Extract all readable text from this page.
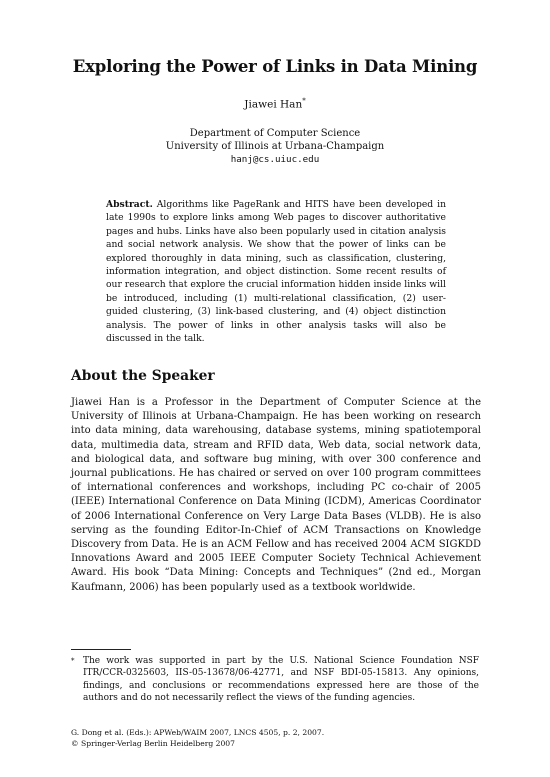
Exploring the Power of Links in Data Mining
Jiawei Han*
Department of Computer Science
University of Illinois at Urbana-Champaign
hanj@cs.uiuc.edu
Abstract. Algorithms like PageRank and HITS have been developed in late 1990s to explore links among Web pages to discover authoritative pages and hubs. Links have also been popularly used in citation analysis and social network analysis. We show that the power of links can be explored thoroughly in data mining, such as classification, clustering, information integration, and object distinction. Some recent results of our research that explore the crucial information hidden inside links will be introduced, including (1) multi-relational classification, (2) user-guided clustering, (3) link-based clustering, and (4) object distinction analysis. The power of links in other analysis tasks will also be discussed in the talk.
About the Speaker
Jiawei Han is a Professor in the Department of Computer Science at the University of Illinois at Urbana-Champaign. He has been working on research into data mining, data warehousing, database systems, mining spatiotemporal data, multimedia data, stream and RFID data, Web data, social network data, and biological data, and software bug mining, with over 300 conference and journal publications. He has chaired or served on over 100 program committees of international conferences and workshops, including PC co-chair of 2005 (IEEE) International Conference on Data Mining (ICDM), Americas Coordinator of 2006 International Conference on Very Large Data Bases (VLDB). He is also serving as the founding Editor-In-Chief of ACM Transactions on Knowledge Discovery from Data. He is an ACM Fellow and has received 2004 ACM SIGKDD Innovations Award and 2005 IEEE Computer Society Technical Achievement Award. His book “Data Mining: Concepts and Techniques” (2nd ed., Morgan Kaufmann, 2006) has been popularly used as a textbook worldwide.
* The work was supported in part by the U.S. National Science Foundation NSF ITR/CCR-0325603, IIS-05-13678/06-42771, and NSF BDI-05-15813. Any opinions, findings, and conclusions or recommendations expressed here are those of the authors and do not necessarily reflect the views of the funding agencies.
G. Dong et al. (Eds.): APWeb/WAIM 2007, LNCS 4505, p. 2, 2007.
© Springer-Verlag Berlin Heidelberg 2007
